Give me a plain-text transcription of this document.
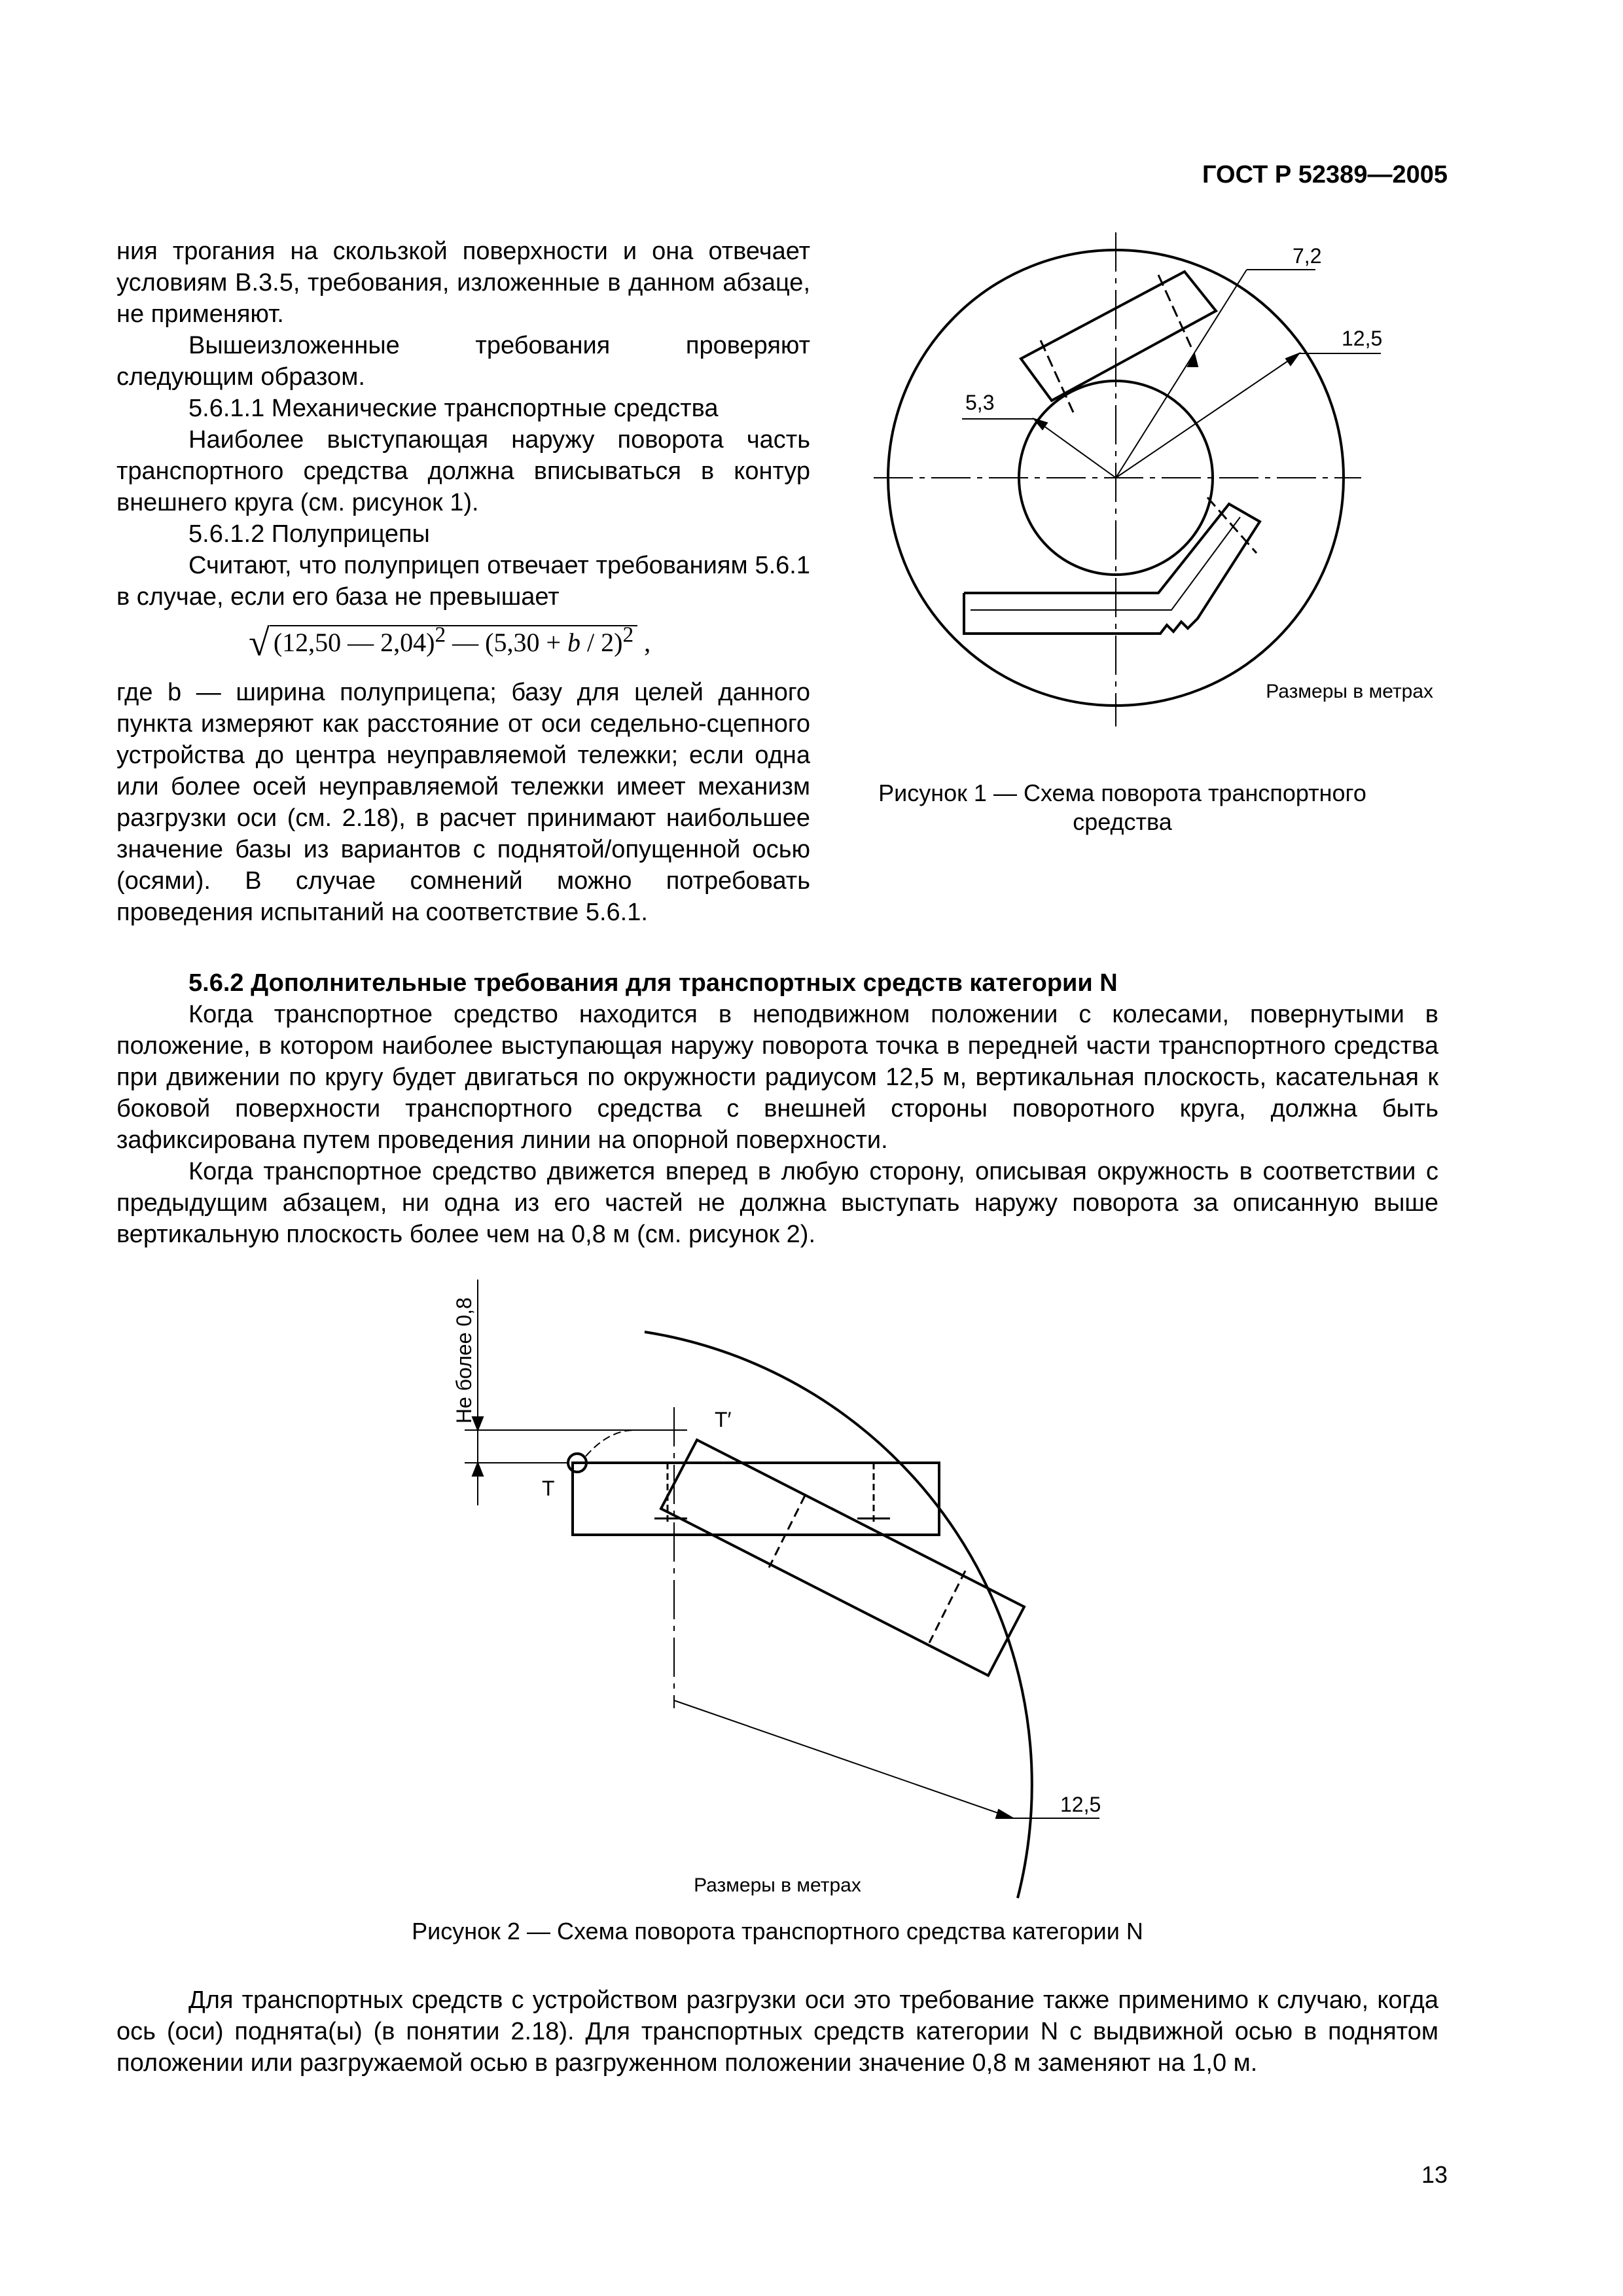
ГОСТ Р 52389—2005

ния трогания на скользкой поверхности и она отвечает условиям В.3.5, требования, изложенные в данном абзаце, не применяют.

Вышеизложенные требования проверяют следующим образом.

5.6.1.1 Механические транспортные средства

Наиболее выступающая наружу поворота часть транспортного средства должна вписываться в контур внешнего круга (см. рисунок 1).

5.6.1.2 Полуприцепы

Считают, что полуприцеп отвечает требованиям 5.6.1 в случае, если его база не превышает

√ (12,50 — 2,04)$^2$ — $(5,30 + b / 2)^2$ ,

где b — ширина полуприцепа; базу для целей данного пункта измеряют как расстояние от оси седельно-сцепного устройства до центра неуправляемой тележки; если одна или более осей неуправляемой тележки имеет механизм разгрузки оси (см. 2.18), в расчет принимают наибольшее значение базы из вариантов с поднятой/опущенной осью (осями). В случае сомнений можно потребовать проведения испытаний на соответствие 5.6.1.

7,2
12,5
5,3
Размеры в метрах
Не более 0,8
T
T′
12,5
Рисунок 1 — Схема поворота транспортного средства

5.6.2 Дополнительные требования для транспортных средств категории N

Когда транспортное средство находится в неподвижном положении с колесами, повернутыми в положение, в котором наиболее выступающая наружу поворота точка в передней части транспортного средства при движении по кругу будет двигаться по окружности радиусом 12,5 м, вертикальная плоскость, касательная к боковой поверхности транспортного средства с внешней стороны поворотного круга, должна быть зафиксирована путем проведения линии на опорной поверхности.

Когда транспортное средство движется вперед в любую сторону, описывая окружность в соответствии с предыдущим абзацем, ни одна из его частей не должна выступать наружу поворота за описанную выше вертикальную плоскость более чем на 0,8 м (см. рисунок 2).

Размеры в метрах
Рисунок 2 — Схема поворота транспортного средства категории N

Для транспортных средств с устройством разгрузки оси это требование также применимо к случаю, когда ось (оси) поднята(ы) (в понятии 2.18). Для транспортных средств категории N с выдвижной осью в поднятом положении или разгружаемой осью в разгруженном положении значение 0,8 м заменяют на 1,0 м.

13
